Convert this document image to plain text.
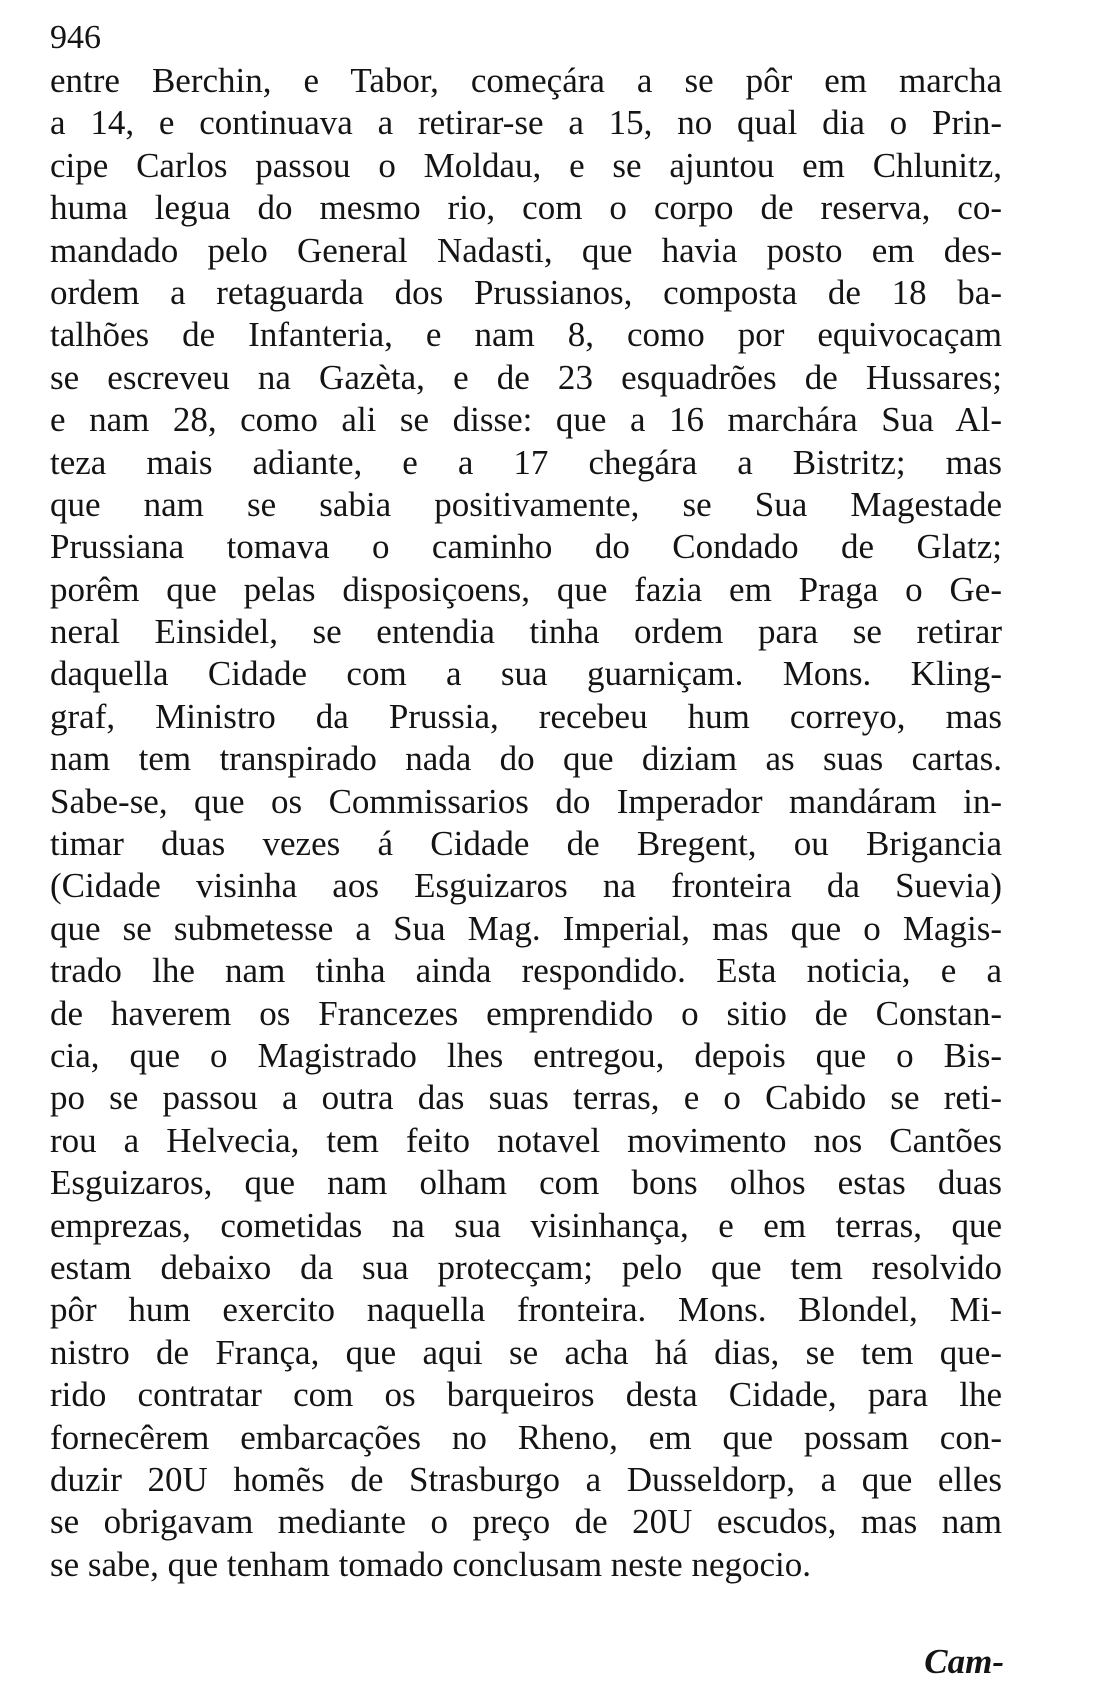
946
entre Berchin, e Tabor, começára a se pôr em marcha
a 14, e continuava a retirar-se a 15, no qual dia o Prin-
cipe Carlos passou o Moldau, e se ajuntou em Chlunitz,
huma legua do mesmo rio, com o corpo de reserva, co-
mandado pelo General Nadasti, que havia posto em des-
ordem a retaguarda dos Prussianos, composta de 18 ba-
talhões de Infanteria, e nam 8, como por equivocaçam
se escreveu na Gazèta, e de 23 esquadrões de Hussares;
e nam 28, como ali se disse: que a 16 marchára Sua Al-
teza mais adiante, e a 17 chegára a Bistritz; mas
que nam se sabia positivamente, se Sua Magestade
Prussiana tomava o caminho do Condado de Glatz;
porêm que pelas disposiçoens, que fazia em Praga o Ge-
neral Einsidel, se entendia tinha ordem para se retirar
daquella Cidade com a sua guarniçam. Mons. Kling-
graf, Ministro da Prussia, recebeu hum correyo, mas
nam tem transpirado nada do que diziam as suas cartas.
Sabe-se, que os Commissarios do Imperador mandáram in-
timar duas vezes á Cidade de Bregent, ou Brigancia
(Cidade visinha aos Esguizaros na fronteira da Suevia)
que se submetesse a Sua Mag. Imperial, mas que o Magis-
trado lhe nam tinha ainda respondido. Esta noticia, e a
de haverem os Francezes emprendido o sitio de Constan-
cia, que o Magistrado lhes entregou, depois que o Bis-
po se passou a outra das suas terras, e o Cabido se reti-
rou a Helvecia, tem feito notavel movimento nos Cantões
Esguizaros, que nam olham com bons olhos estas duas
emprezas, cometidas na sua visinhança, e em terras, que
estam debaixo da sua protecçam; pelo que tem resolvido
pôr hum exercito naquella fronteira. Mons. Blondel, Mi-
nistro de França, que aqui se acha há dias, se tem que-
rido contratar com os barqueiros desta Cidade, para lhe
fornecêrem embarcações no Rheno, em que possam con-
duzir 20U homẽs de Strasburgo a Dusseldorp, a que elles
se obrigavam mediante o preço de 20U escudos, mas nam
se sabe, que tenham tomado conclusam neste negocio.
Cam-
